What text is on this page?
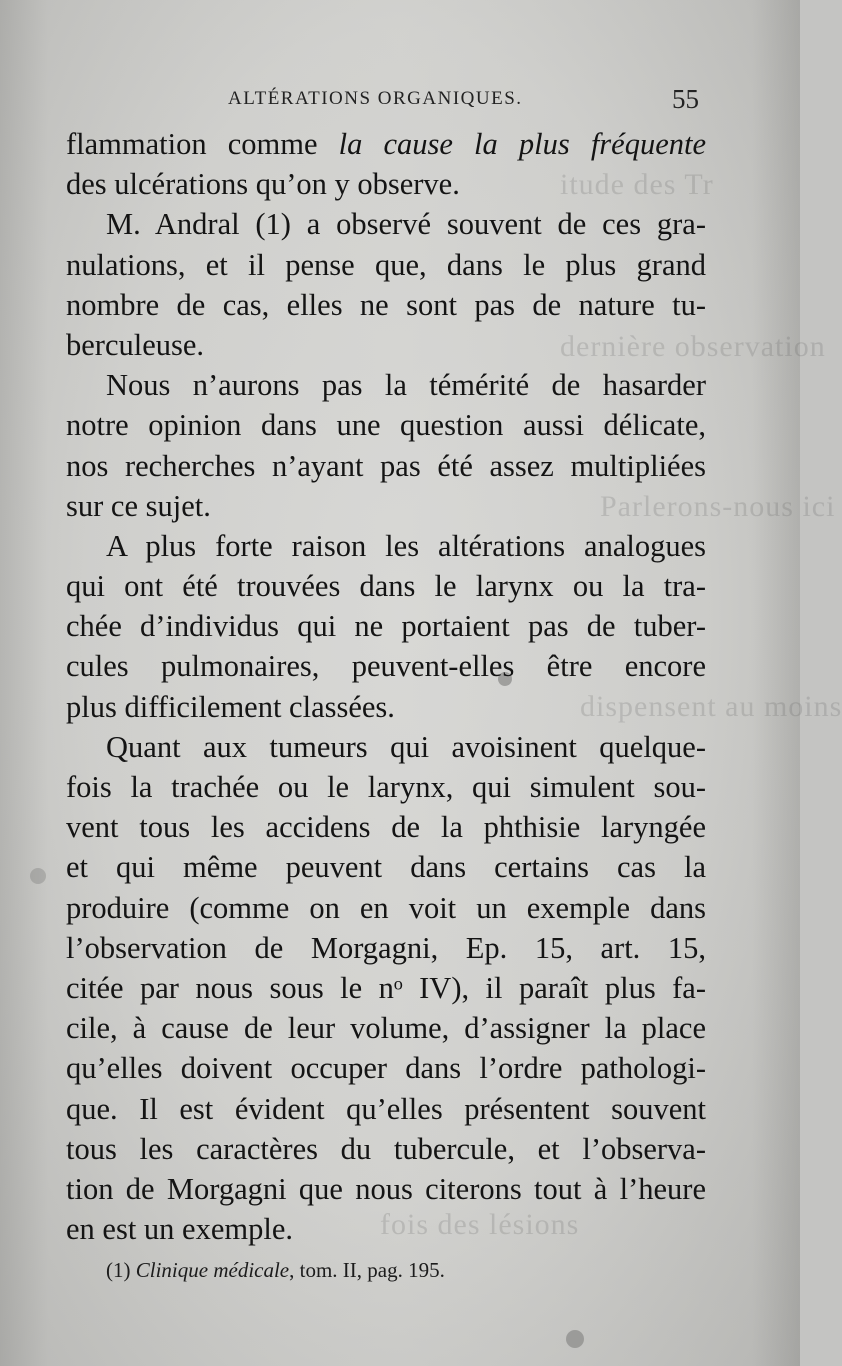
itude des Tr
dernière observation
Parlerons-nous ici
dispensent au moins
fois des lésions
ALTÉRATIONS ORGANIQUES.	55
flammation comme la cause la plus fréquente
des ulcérations qu’on y observe.
M. Andral (1) a observé souvent de ces gra-
nulations, et il pense que, dans le plus grand
nombre de cas, elles ne sont pas de nature tu-
berculeuse.
Nous n’aurons pas la témérité de hasarder
notre opinion dans une question aussi délicate,
nos recherches n’ayant pas été assez multipliées
sur ce sujet.
A plus forte raison les altérations analogues
qui ont été trouvées dans le larynx ou la tra-
chée d’individus qui ne portaient pas de tuber-
cules pulmonaires, peuvent-elles être encore
plus difficilement classées.
Quant aux tumeurs qui avoisinent quelque-
fois la trachée ou le larynx, qui simulent sou-
vent tous les accidens de la phthisie laryngée
et qui même peuvent dans certains cas la
produire (comme on en voit un exemple dans
l’observation de Morgagni, Ep. 15, art. 15,
citée par nous sous le nᵒ IV), il paraît plus fa-
cile, à cause de leur volume, d’assigner la place
qu’elles doivent occuper dans l’ordre pathologi-
que. Il est évident qu’elles présentent souvent
tous les caractères du tubercule, et l’observa-
tion de Morgagni que nous citerons tout à l’heure
en est un exemple.
(1) Clinique médicale, tom. II, pag. 195.
